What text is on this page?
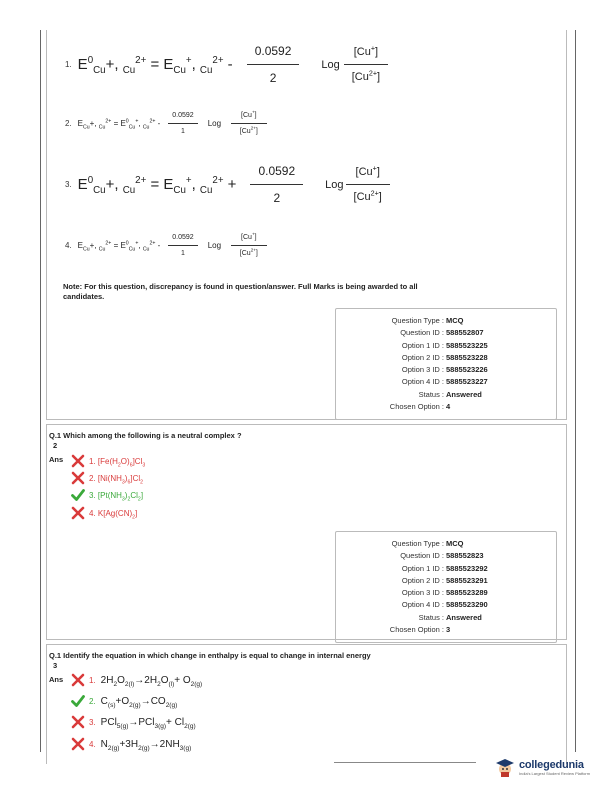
1. $E^0_{Cu}+$, $_{Cu}^{2+} = E_{Cu}^+$, $_{Cu}^{2+} - \frac{0.0592}{2}$ Log $\frac{[Cu^+]}{[Cu^{2+}]}$
2. $E_{Cu}+$, $_{Cu}^{2+} = E^0_{Cu}^+$, $_{Cu}^{2+} - \frac{0.0592}{1}$ Log $\frac{[Cu^+]}{[Cu^{2+}]}$
3. $E^0_{Cu}+$, $_{Cu}^{2+} = E_{Cu}^+$, $_{Cu}^{2+} + \frac{0.0592}{2}$ Log $\frac{[Cu^+]}{[Cu^{2+}]}$
4. $E_{Cu}+$, $_{Cu}^{2+} = E^0_{Cu}^+$, $_{Cu}^{2+} - \frac{0.0592}{1}$ Log $\frac{[Cu^+]}{[Cu^{2+}]}$
Note: For this question, discrepancy is found in question/answer. Full Marks is being awarded to all candidates.
Question Type : MCQ
Question ID : 588552807
Option 1 ID : 5885523225
Option 2 ID : 5885523228
Option 3 ID : 5885523226
Option 4 ID : 5885523227
Status : Answered
Chosen Option : 4
Q.1 Which among the following is a neutral complex ?
2
Ans	1. $[Fe(H_2O)_6]Cl_3$
2. $[Ni(NH_3)_6]Cl_2$
3. $[Pt(NH_3)_2Cl_2]$
4. $K[Ag(CN)_2]$
Question Type : MCQ
Question ID : 588552823
Option 1 ID : 5885523292
Option 2 ID : 5885523291
Option 3 ID : 5885523289
Option 4 ID : 5885523290
Status : Answered
Chosen Option : 3
Q.1 Identify the equation in which change in enthalpy is equal to change in internal energy
3
Ans	1. $2H_2O_{2(l)}\to 2H_2O_{(l)}+ O_{2(g)}$
2. $C_{(s)}+O_{2(g)}\to CO_{2(g)}$
3. $PCl_{5(g)}\to PCl_{3(g)}+ Cl_{2(g)}$
4. $N_{2(g)}+3H_{2(g)}\to 2NH_{3(g)}$
collegedunia
India's Largest Student Review Platform
